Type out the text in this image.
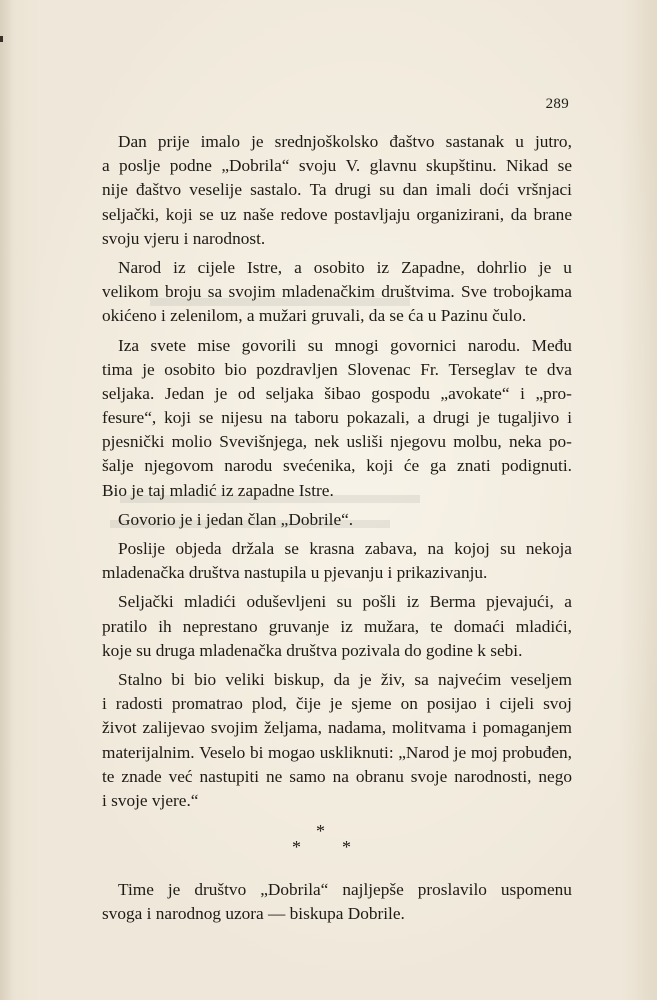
289
Dan prije imalo je srednjoškolsko đaštvo sastanak u jutro,
a poslje podne „Dobrila“ svoju V. glavnu skupštinu. Nikad se
nije đaštvo veselije sastalo. Ta drugi su dan imali doći vršnjaci
seljački, koji se uz naše redove postavljaju organizirani, da brane
svoju vjeru i narodnost.
Narod iz cijele Istre, a osobito iz Zapadne, dohrlio je u
velikom broju sa svojim mladenačkim društvima. Sve trobojkama
okićeno i zelenilom, a mužari gruvali, da se ća u Pazinu čulo.
Iza svete mise govorili su mnogi govornici narodu. Među
tima je osobito bio pozdravljen Slovenac Fr. Terseglav te dva
seljaka. Jedan je od seljaka šibao gospodu „avokate“ i „pro-
fesure“, koji se nijesu na taboru pokazali, a drugi je tugaljivo i
pjesnički molio Svevišnjega, nek usliši njegovu molbu, neka po-
šalje njegovom narodu svećenika, koji će ga znati podignuti.
Bio je taj mladić iz zapadne Istre.
Govorio je i jedan član „Dobrile“.
Poslije objeda držala se krasna zabava, na kojoj su nekoja
mladenačka društva nastupila u pjevanju i prikazivanju.
Seljački mladići oduševljeni su pošli iz Berma pjevajući, a
pratilo ih neprestano gruvanje iz mužara, te domaći mladići,
koje su druga mladenačka društva pozivala do godine k sebi.
Stalno bi bio veliki biskup, da je živ, sa najvećim veseljem
i radosti promatrao plod, čije je sjeme on posijao i cijeli svoj
život zalijevao svojim željama, nadama, molitvama i pomaganjem
materijalnim. Veselo bi mogao uskliknuti: „Narod je moj probuđen,
te znade već nastupiti ne samo na obranu svoje narodnosti, nego
i svoje vjere.“
*
* *
Time je društvo „Dobrila“ najljepše proslavilo uspomenu
svoga i narodnog uzora — biskupa Dobrile.
